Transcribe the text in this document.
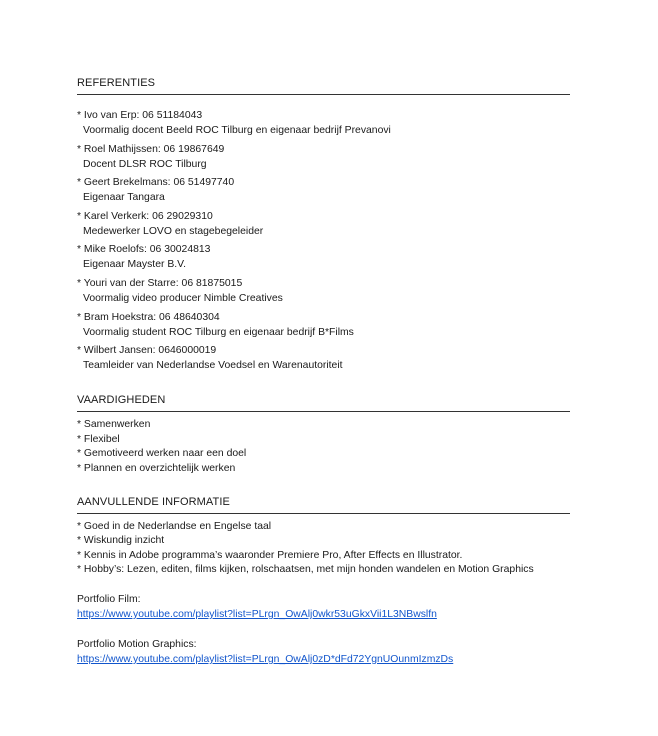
REFERENTIES
* Ivo van Erp: 06 51184043
Voormalig docent Beeld ROC Tilburg en eigenaar bedrijf Prevanovi
* Roel Mathijssen: 06 19867649
Docent DLSR ROC Tilburg
* Geert Brekelmans: 06 51497740
Eigenaar Tangara
* Karel Verkerk: 06 29029310
Medewerker LOVO en stagebegeleider
* Mike Roelofs: 06 30024813
Eigenaar Mayster B.V.
* Youri van der Starre: 06 81875015
Voormalig video producer Nimble Creatives
* Bram Hoekstra: 06 48640304
Voormalig student ROC Tilburg en eigenaar bedrijf B*Films
* Wilbert Jansen: 0646000019
Teamleider van Nederlandse Voedsel en Warenautoriteit
VAARDIGHEDEN
* Samenwerken
* Flexibel
* Gemotiveerd werken naar een doel
* Plannen en overzichtelijk werken
AANVULLENDE INFORMATIE
* Goed in de Nederlandse en Engelse taal
* Wiskundig inzicht
* Kennis in Adobe programma’s waaronder Premiere Pro, After Effects en Illustrator.
* Hobby’s: Lezen, editen, films kijken, rolschaatsen, met mijn honden wandelen en Motion Graphics
Portfolio Film:
https://www.youtube.com/playlist?list=PLrgn_OwAlj0wkr53uGkxVii1L3NBwslfn
Portfolio Motion Graphics:
https://www.youtube.com/playlist?list=PLrgn_OwAlj0zD*dFd72YgnUOunmIzmzDs
